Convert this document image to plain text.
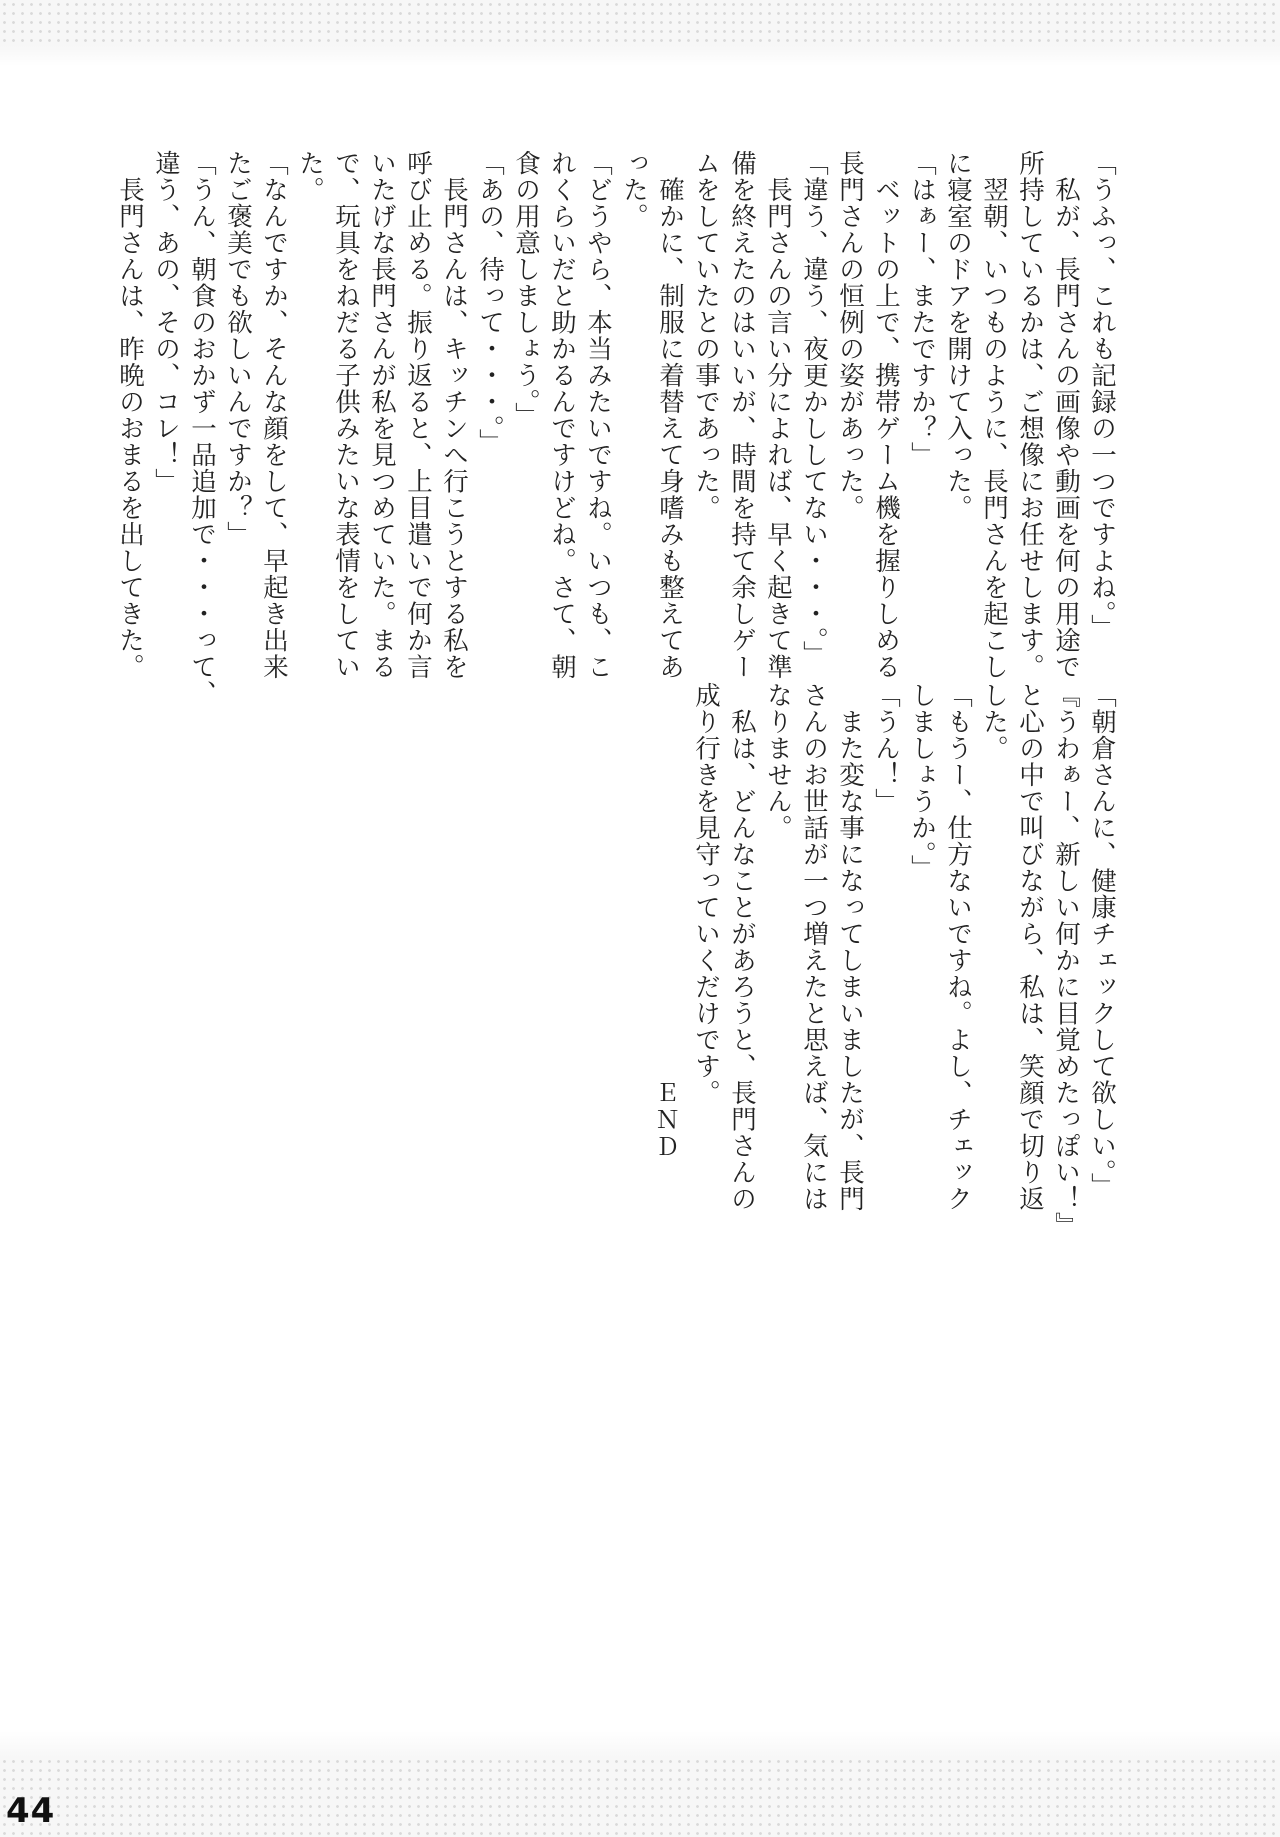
「うふっ、これも記録の一つですよね。」

　私が、長門さんの画像や動画を何の用途で

所持しているかは、ご想像にお任せします。

　翌朝、いつものように、長門さんを起こし

に寝室のドアを開けて入った。

「はぁー、またですか？」

　ベットの上で、携帯ゲーム機を握りしめる

長門さんの恒例の姿があった。

「違う、違う、夜更かししてない・・・。」

　長門さんの言い分によれば、早く起きて準

備を終えたのはいいが、時間を持て余しゲー

ムをしていたとの事であった。

　確かに、制服に着替えて身嗜みも整えてあ

った。

「どうやら、本当みたいですね。いつも、こ

れくらいだと助かるんですけどね。さて、朝

食の用意しましょう。」

「あの、待って・・・。」

　長門さんは、キッチンへ行こうとする私を

呼び止める。振り返ると、上目遣いで何か言

いたげな長門さんが私を見つめていた。まる

で、玩具をねだる子供みたいな表情をしてい

た。

「なんですか、そんな顔をして、早起き出来

たご褒美でも欲しいんですか？」

「うん、朝食のおかず一品追加で・・・って、

違う、あの、その、コレ！」

　長門さんは、昨晩のおまるを出してきた。

「朝倉さんに、健康チェックして欲しい。」

『うわぁー、新しい何かに目覚めたっぽい！』

と心の中で叫びながら、私は、笑顔で切り返

した。

「もうー、仕方ないですね。よし、チェック

しましょうか。」

「うん！」

　また変な事になってしまいましたが、長門

さんのお世話が一つ増えたと思えば、気には

なりません。

　私は、どんなことがあろうと、長門さんの

成り行きを見守っていくだけです。

ＥＮＤ
44
